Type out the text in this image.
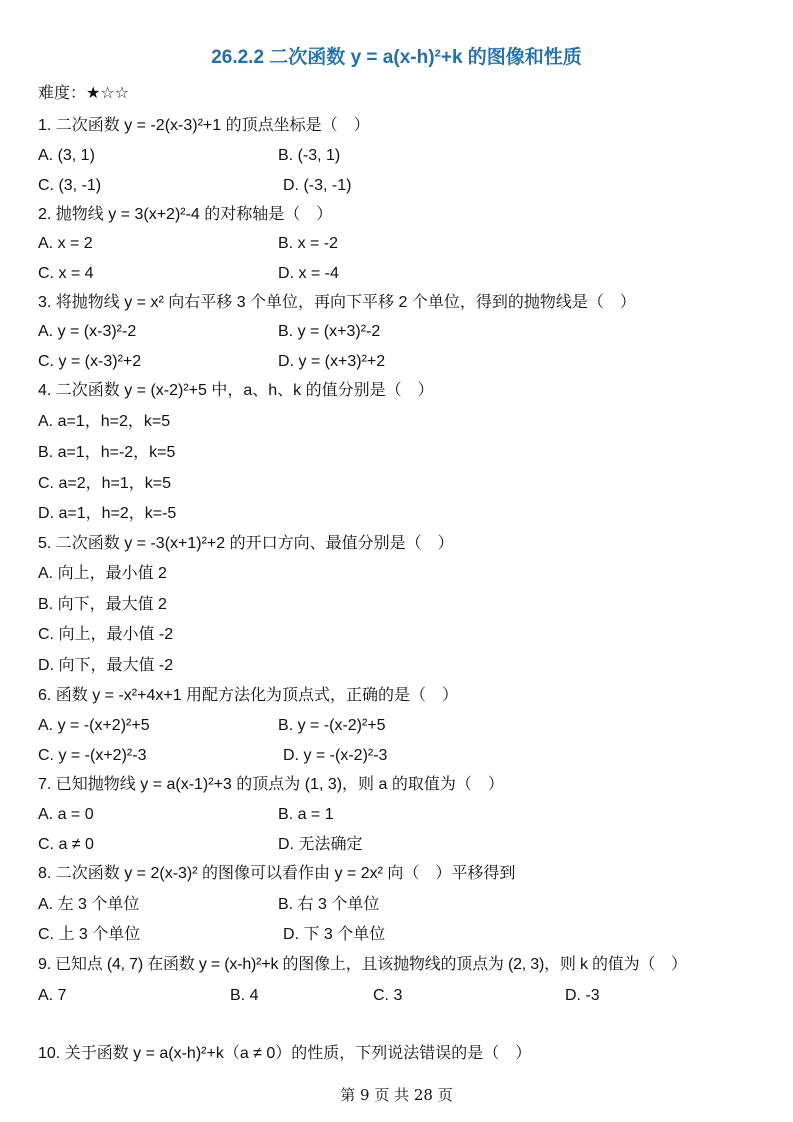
26.2.2 二次函数 y = a(x-h)²+k 的图像和性质
难度：★☆☆
1. 二次函数 y = -2(x-3)²+1 的顶点坐标是（　）
A. (3, 1)	B. (-3, 1)
C. (3, -1)	D. (-3, -1)
2. 抛物线 y = 3(x+2)²-4 的对称轴是（　）
A. x = 2	B. x = -2
C. x = 4	D. x = -4
3. 将抛物线 y = x² 向右平移 3 个单位，再向下平移 2 个单位，得到的抛物线是（　）
A. y = (x-3)²-2	B. y = (x+3)²-2
C. y = (x-3)²+2	D. y = (x+3)²+2
4. 二次函数 y = (x-2)²+5 中，a、h、k 的值分别是（　）
A. a=1，h=2，k=5
B. a=1，h=-2，k=5
C. a=2，h=1，k=5
D. a=1，h=2，k=-5
5. 二次函数 y = -3(x+1)²+2 的开口方向、最值分别是（　）
A. 向上，最小值 2
B. 向下，最大值 2
C. 向上，最小值 -2
D. 向下，最大值 -2
6. 函数 y = -x²+4x+1 用配方法化为顶点式，正确的是（　）
A. y = -(x+2)²+5	B. y = -(x-2)²+5
C. y = -(x+2)²-3	D. y = -(x-2)²-3
7. 已知抛物线 y = a(x-1)²+3 的顶点为 (1, 3)，则 a 的取值为（　）
A. a = 0	B. a = 1
C. a ≠ 0	D. 无法确定
8. 二次函数 y = 2(x-3)² 的图像可以看作由 y = 2x² 向（　）平移得到
A. 左 3 个单位	B. 右 3 个单位
C. 上 3 个单位	D. 下 3 个单位
9. 已知点 (4, 7) 在函数 y = (x-h)²+k 的图像上，且该抛物线的顶点为 (2, 3)，则 k 的值为（　）
A. 7	B. 4	C. 3	D. -3
10. 关于函数 y = a(x-h)²+k（a ≠ 0）的性质，下列说法错误的是（　）
第 9 页 共 28 页
